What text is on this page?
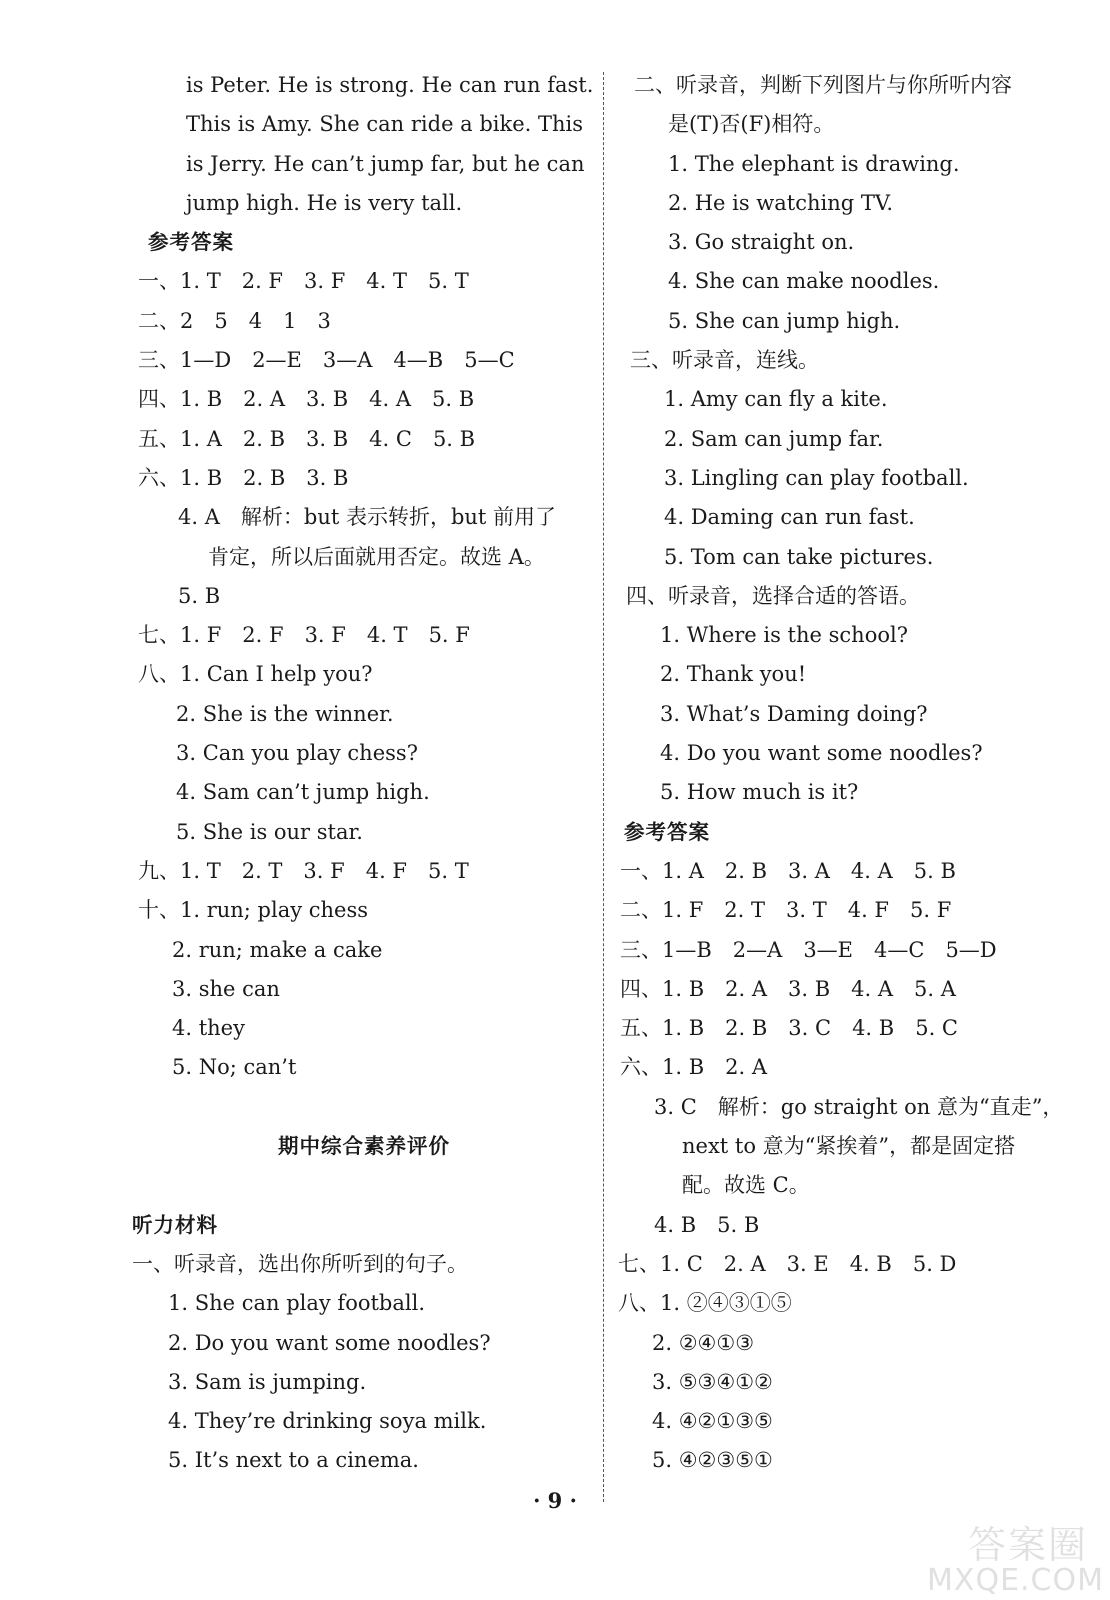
is Peter. He is strong. He can run fast.
This is Amy. She can ride a bike. This
is Jerry. He can’t jump far, but he can
jump high. He is very tall.
参考答案
一、1. T　2. F　3. F　4. T　5. T
二、2　5　4　1　3
三、1—D　2—E　3—A　4—B　5—C
四、1. B　2. A　3. B　4. A　5. B
五、1. A　2. B　3. B　4. C　5. B
六、1. B　2. B　3. B
4. A　解析：but 表示转折，but 前用了
肯定，所以后面就用否定。故选 A。
5. B
七、1. F　2. F　3. F　4. T　5. F
八、1. Can I help you?
2. She is the winner.
3. Can you play chess?
4. Sam can’t jump high.
5. She is our star.
九、1. T　2. T　3. F　4. F　5. T
十、1. run; play chess
2. run; make a cake
3. she can
4. they
5. No; can’t
期中综合素养评价
听力材料
一、听录音，选出你所听到的句子。
1. She can play football.
2. Do you want some noodles?
3. Sam is jumping.
4. They’re drinking soya milk.
5. It’s next to a cinema.
二、听录音，判断下列图片与你所听内容
是(T)否(F)相符。
1. The elephant is drawing.
2. He is watching TV.
3. Go straight on.
4. She can make noodles.
5. She can jump high.
三、听录音，连线。
1. Amy can fly a kite.
2. Sam can jump far.
3. Lingling can play football.
4. Daming can run fast.
5. Tom can take pictures.
四、听录音，选择合适的答语。
1. Where is the school?
2. Thank you!
3. What’s Daming doing?
4. Do you want some noodles?
5. How much is it?
参考答案
一、1. A　2. B　3. A　4. A　5. B
二、1. F　2. T　3. T　4. F　5. F
三、1—B　2—A　3—E　4—C　5—D
四、1. B　2. A　3. B　4. A　5. A
五、1. B　2. B　3. C　4. B　5. C
六、1. B　2. A
3. C　解析：go straight on 意为“直走”，
next to 意为“紧挨着”，都是固定搭
配。故选 C。
4. B　5. B
七、1. C　2. A　3. E　4. B　5. D
八、1. ②④③①⑤
2. ②④①③
3. ⑤③④①②
4. ④②①③⑤
5. ④②③⑤①
· 9 ·
答案圈
MXQE.COM
